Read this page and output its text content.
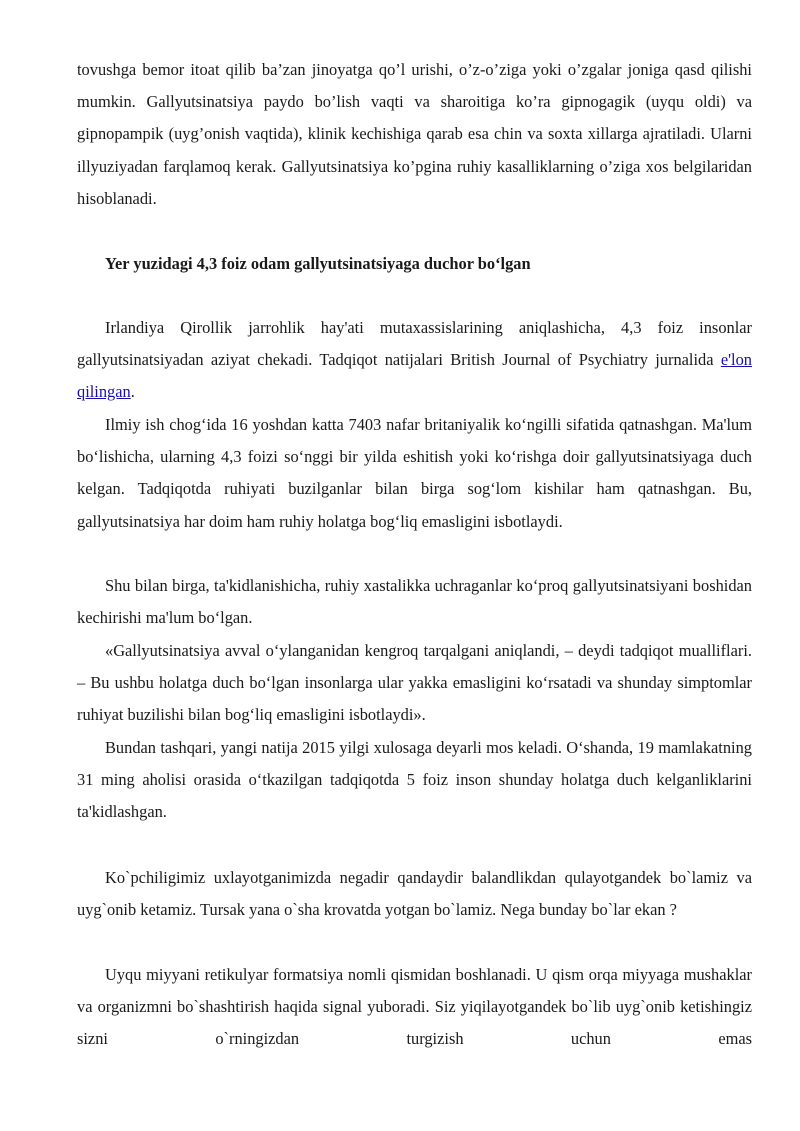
tovushga bemor itoat qilib ba’zan jinoyatga qo’l urishi, o’z-o’ziga yoki o’zgalar joniga qasd qilishi mumkin. Gallyutsinatsiya paydo bo’lish vaqti va sharoitiga ko’ra gipnogagik (uyqu oldi) va gipnopampik (uyg’onish vaqtida), klinik kechishiga qarab esa chin va soxta xillarga ajratiladi. Ularni illyuziyadan farqlamoq kerak. Gallyutsinatsiya ko’pgina ruhiy kasalliklarning o’ziga xos belgilaridan hisoblanadi.

Yer yuzidagi 4,3 foiz odam gallyutsinatsiyaga duchor bo‘lgan

Irlandiya Qirollik jarrohlik hay'ati mutaxassislarining aniqlashicha, 4,3 foiz insonlar gallyutsinatsiyadan aziyat chekadi. Tadqiqot natijalari British Journal of Psychiatry jurnalida e'lon qilingan.

Ilmiy ish chog‘ida 16 yoshdan katta 7403 nafar britaniyalik ko‘ngilli sifatida qatnashgan. Ma'lum bo‘lishicha, ularning 4,3 foizi so‘nggi bir yilda eshitish yoki ko‘rishga doir gallyutsinatsiyaga duch kelgan. Tadqiqotda ruhiyati buzilganlar bilan birga sog‘lom kishilar ham qatnashgan. Bu, gallyutsinatsiya har doim ham ruhiy holatga bog‘liq emasligini isbotlaydi.

Shu bilan birga, ta'kidlanishicha, ruhiy xastalikka uchraganlar ko‘proq gallyutsinatsiyani boshidan kechirishi ma'lum bo‘lgan.

«Gallyutsinatsiya avval o‘ylanganidan kengroq tarqalgani aniqlandi, – deydi tadqiqot mualliflari. – Bu ushbu holatga duch bo‘lgan insonlarga ular yakka emasligini ko‘rsatadi va shunday simptomlar ruhiyat buzilishi bilan bog‘liq emasligini isbotlaydi».

Bundan tashqari, yangi natija 2015 yilgi xulosaga deyarli mos keladi. O‘shanda, 19 mamlakatning 31 ming aholisi orasida o‘tkazilgan tadqiqotda 5 foiz inson shunday holatga duch kelganliklarini ta'kidlashgan.

Ko`pchiligimiz uxlayotganimizda negadir qandaydir balandlikdan qulayotgandek bo`lamiz va uyg`onib ketamiz. Tursak yana o`sha krovatda yotgan bo`lamiz. Nega bunday bo`lar ekan ?

Uyqu miyyani retikulyar formatsiya nomli qismidan boshlanadi. U qism orqa miyyaga mushaklar va organizmni bo`shashtirish haqida signal yuboradi. Siz yiqilayotgandek bo`lib uyg`onib ketishingiz sizni o`rningizdan turgizish uchun emas
